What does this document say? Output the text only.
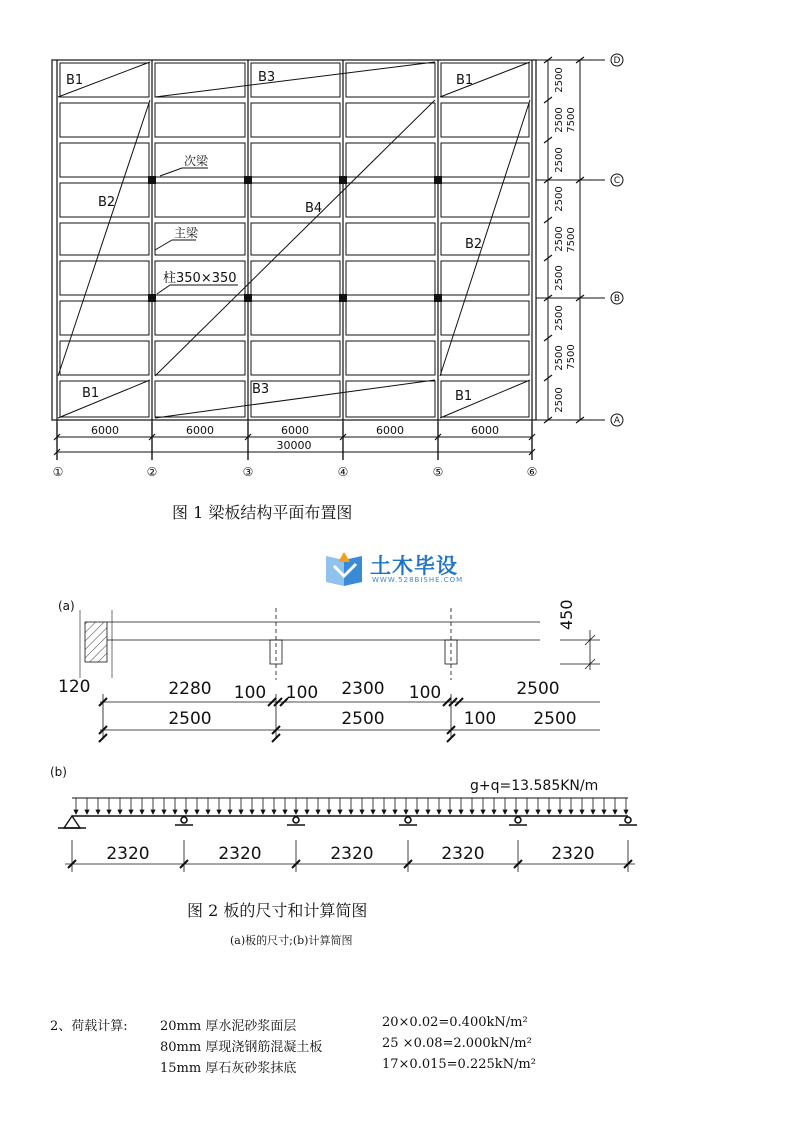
B1	B3	B1
B2	B4
B2
B1	B3	B1
次梁
主梁
柱350×350
6000	6000	6000	6000	6000
30000
①	②	③	④	⑤	⑥
2500
2500
2500
2500
2500
2500
2500
2500
2500
7500
7500
7500
D
C
B
A
图 1 梁板结构平面布置图
土木毕设
WWW.528BISHE.COM
(a)	450
120	2280 100 100 2300 100	2500
2500	2500	100 2500
(b)
g+q=13.585KN/m
2320	2320	2320	2320	2320
图 2 板的尺寸和计算简图
(a)板的尺寸;(b)计算简图
2、荷载计算: 20mm 厚水泥砂浆面层	20×0.02=0.400kN/m²
80mm 厚现浇钢筋混凝土板	25 ×0.08=2.000kN/m²
15mm 厚石灰砂浆抹底	17×0.015=0.225kN/m²
